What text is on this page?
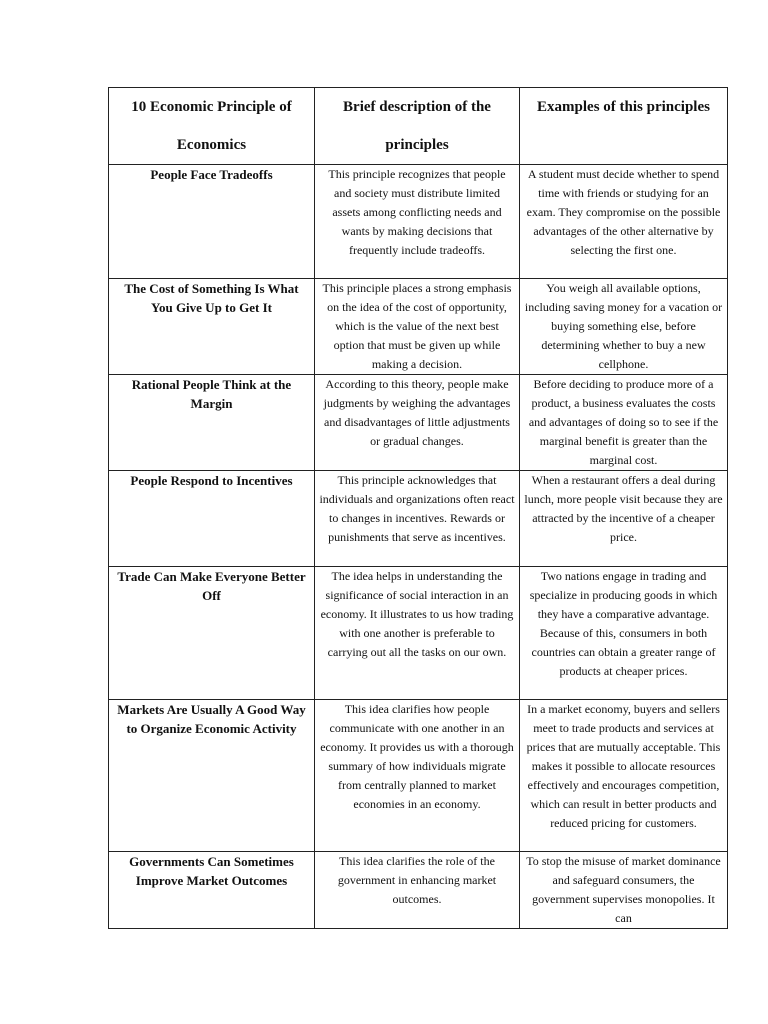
10 Economic Principle of Economics	Brief description of the principles	Examples of this principles
People Face Tradeoffs	This principle recognizes that people and society must distribute limited assets among conflicting needs and wants by making decisions that frequently include tradeoffs.	A student must decide whether to spend time with friends or studying for an exam. They compromise on the possible advantages of the other alternative by selecting the first one.
The Cost of Something Is What You Give Up to Get It	This principle places a strong emphasis on the idea of the cost of opportunity, which is the value of the next best option that must be given up while making a decision.	You weigh all available options, including saving money for a vacation or buying something else, before determining whether to buy a new cellphone.
Rational People Think at the Margin	According to this theory, people make judgments by weighing the advantages and disadvantages of little adjustments or gradual changes.	Before deciding to produce more of a product, a business evaluates the costs and advantages of doing so to see if the marginal benefit is greater than the marginal cost.
People Respond to Incentives	This principle acknowledges that individuals and organizations often react to changes in incentives. Rewards or punishments that serve as incentives.	When a restaurant offers a deal during lunch, more people visit because they are attracted by the incentive of a cheaper price.
Trade Can Make Everyone Better Off	The idea helps in understanding the significance of social interaction in an economy. It illustrates to us how trading with one another is preferable to carrying out all the tasks on our own.	Two nations engage in trading and specialize in producing goods in which they have a comparative advantage. Because of this, consumers in both countries can obtain a greater range of products at cheaper prices.
Markets Are Usually A Good Way to Organize Economic Activity	This idea clarifies how people communicate with one another in an economy. It provides us with a thorough summary of how individuals migrate from centrally planned to market economies in an economy.	In a market economy, buyers and sellers meet to trade products and services at prices that are mutually acceptable. This makes it possible to allocate resources effectively and encourages competition, which can result in better products and reduced pricing for customers.
Governments Can Sometimes Improve Market Outcomes	This idea clarifies the role of the government in enhancing market outcomes.	To stop the misuse of market dominance and safeguard consumers, the government supervises monopolies. It can
